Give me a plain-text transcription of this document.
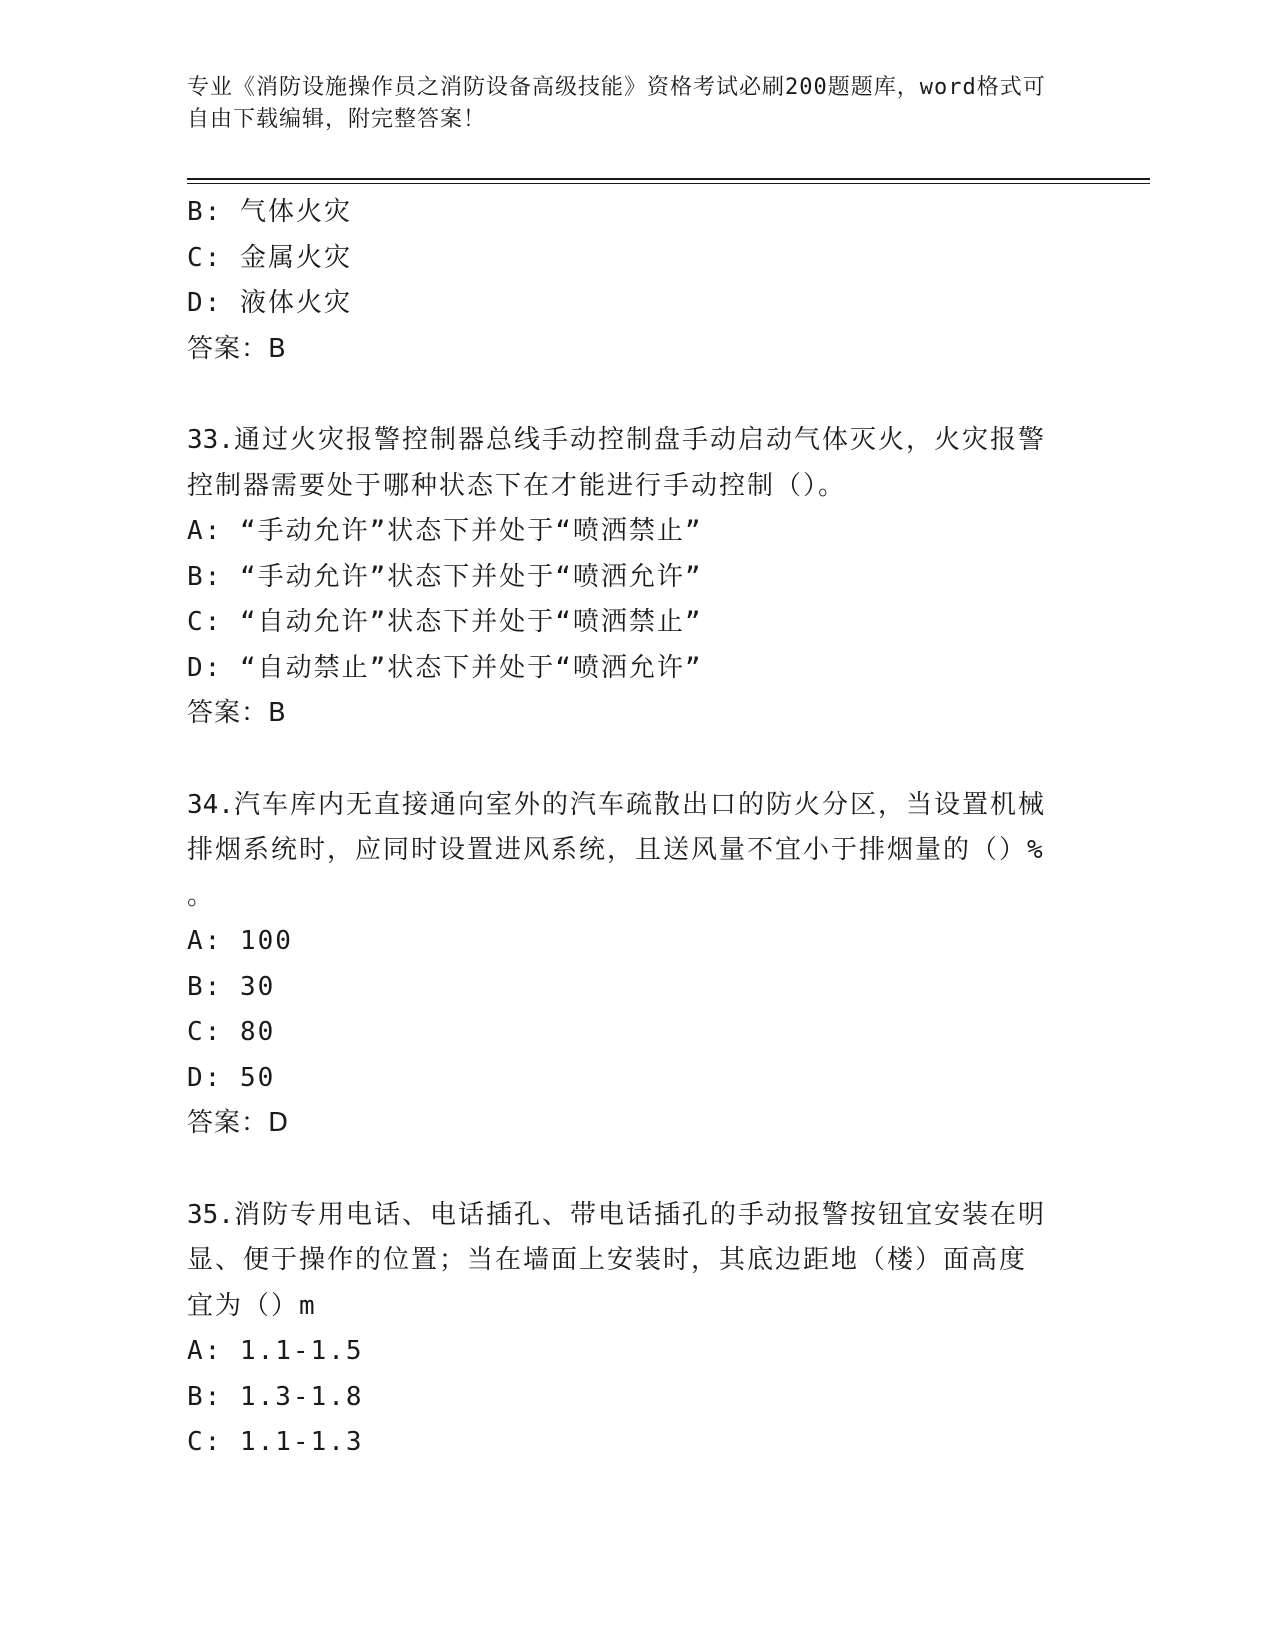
专业《消防设施操作员之消防设备高级技能》资格考试必刷200题题库，word格式可自由下载编辑，附完整答案！
B: 气体火灾
C: 金属火灾
D: 液体火灾
答案：B
33.通过火灾报警控制器总线手动控制盘手动启动气体灭火，火灾报警
控制器需要处于哪种状态下在才能进行手动控制（）。
A: “手动允许”状态下并处于“喷洒禁止”
B: “手动允许”状态下并处于“喷洒允许”
C: “自动允许”状态下并处于“喷洒禁止”
D: “自动禁止”状态下并处于“喷洒允许”
答案：B
34.汽车库内无直接通向室外的汽车疏散出口的防火分区，当设置机械
排烟系统时，应同时设置进风系统，且送风量不宜小于排烟量的（）%
。
A: 100
B: 30
C: 80
D: 50
答案：D
35.消防专用电话、电话插孔、带电话插孔的手动报警按钮宜安装在明
显、便于操作的位置；当在墙面上安装时，其底边距地（楼）面高度
宜为（）m
A: 1.1-1.5
B: 1.3-1.8
C: 1.1-1.3
